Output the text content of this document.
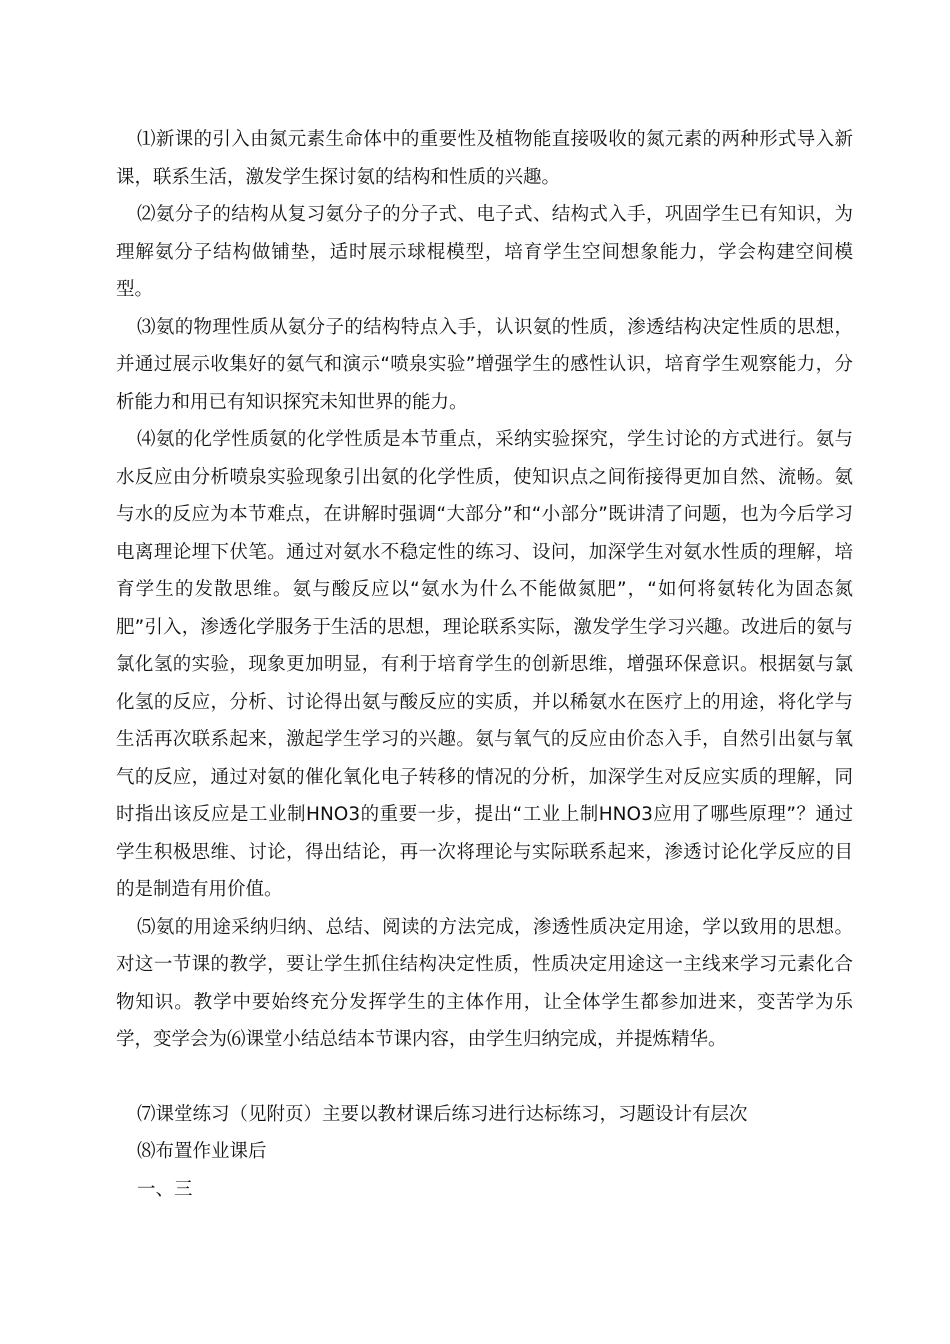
⑴新课的引入由氮元素生命体中的重要性及植物能直接吸收的氮元素的两种形式导入新课，联系生活，激发学生探讨氨的结构和性质的兴趣。

⑵氨分子的结构从复习氨分子的分子式、电子式、结构式入手，巩固学生已有知识，为理解氨分子结构做铺垫，适时展示球棍模型，培育学生空间想象能力，学会构建空间模型。

⑶氨的物理性质从氨分子的结构特点入手，认识氨的性质，渗透结构决定性质的思想，并通过展示收集好的氨气和演示“喷泉实验”增强学生的感性认识，培育学生观察能力，分析能力和用已有知识探究未知世界的能力。

⑷氨的化学性质氨的化学性质是本节重点，采纳实验探究，学生讨论的方式进行。氨与水反应由分析喷泉实验现象引出氨的化学性质，使知识点之间衔接得更加自然、流畅。氨与水的反应为本节难点，在讲解时强调“大部分”和“小部分”既讲清了问题，也为今后学习电离理论埋下伏笔。通过对氨水不稳定性的练习、设问，加深学生对氨水性质的理解，培育学生的发散思维。氨与酸反应以“氨水为什么不能做氮肥”，“如何将氨转化为固态氮肥”引入，渗透化学服务于生活的思想，理论联系实际，激发学生学习兴趣。改进后的氨与氯化氢的实验，现象更加明显，有利于培育学生的创新思维，增强环保意识。根据氨与氯化氢的反应，分析、讨论得出氨与酸反应的实质，并以稀氨水在医疗上的用途，将化学与生活再次联系起来，激起学生学习的兴趣。氨与氧气的反应由价态入手，自然引出氨与氧气的反应，通过对氨的催化氧化电子转移的情况的分析，加深学生对反应实质的理解，同时指出该反应是工业制HNO3的重要一步，提出“工业上制HNO3应用了哪些原理”？通过学生积极思维、讨论，得出结论，再一次将理论与实际联系起来，渗透讨论化学反应的目的是制造有用价值。

⑸氨的用途采纳归纳、总结、阅读的方法完成，渗透性质决定用途，学以致用的思想。对这一节课的教学，要让学生抓住结构决定性质，性质决定用途这一主线来学习元素化合物知识。教学中要始终充分发挥学生的主体作用，让全体学生都参加进来，变苦学为乐学，变学会为⑹课堂小结总结本节课内容，由学生归纳完成，并提炼精华。

⑺课堂练习（见附页）主要以教材课后练习进行达标练习，习题设计有层次

⑻布置作业课后

一、三
